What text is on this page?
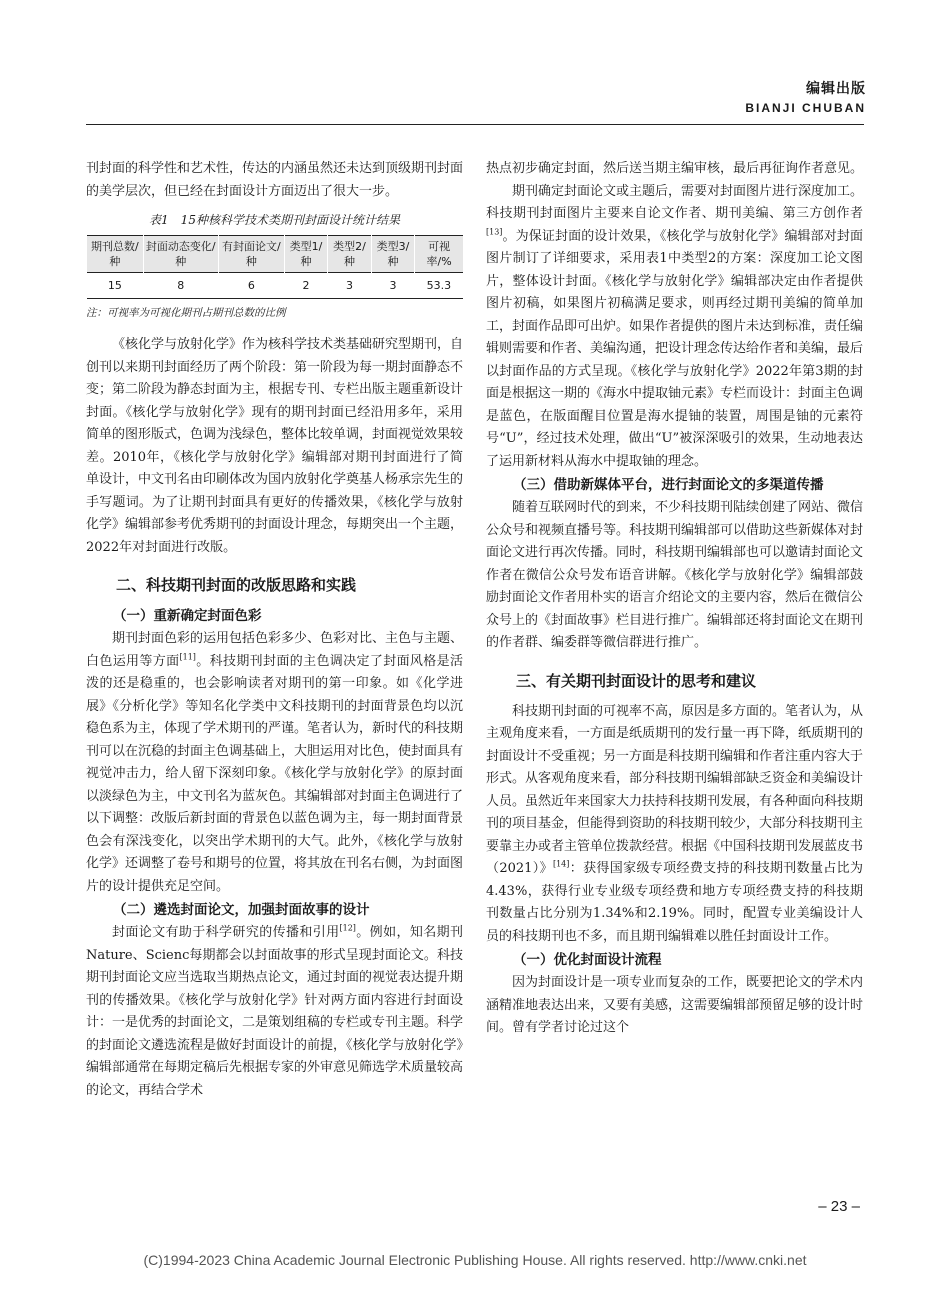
编辑出版
BIANJI CHUBAN

刊封面的科学性和艺术性，传达的内涵虽然还未达到顶级期刊封面的美学层次，但已经在封面设计方面迈出了很大一步。

表1　15种核科学技术类期刊封面设计统计结果
期刊总数/种	封面动态变化/种	有封面论文/种	类型1/种	类型2/种	类型3/种	可视率/%
15	8	6	2	3	3	53.3
注：可视率为可视化期刊占期刊总数的比例

《核化学与放射化学》作为核科学技术类基础研究型期刊，自创刊以来期刊封面经历了两个阶段：第一阶段为每一期封面静态不变；第二阶段为静态封面为主，根据专刊、专栏出版主题重新设计封面。《核化学与放射化学》现有的期刊封面已经沿用多年，采用简单的图形版式，色调为浅绿色，整体比较单调，封面视觉效果较差。2010年，《核化学与放射化学》编辑部对期刊封面进行了简单设计，中文刊名由印刷体改为国内放射化学奠基人杨承宗先生的手写题词。为了让期刊封面具有更好的传播效果，《核化学与放射化学》编辑部参考优秀期刊的封面设计理念，每期突出一个主题，2022年对封面进行改版。

二、科技期刊封面的改版思路和实践
（一）重新确定封面色彩

期刊封面色彩的运用包括色彩多少、色彩对比、主色与主题、白色运用等方面[11]。科技期刊封面的主色调决定了封面风格是活泼的还是稳重的，也会影响读者对期刊的第一印象。如《化学进展》《分析化学》等知名化学类中文科技期刊的封面背景色均以沉稳色系为主，体现了学术期刊的严谨。笔者认为，新时代的科技期刊可以在沉稳的封面主色调基础上，大胆运用对比色，使封面具有视觉冲击力，给人留下深刻印象。《核化学与放射化学》的原封面以淡绿色为主，中文刊名为蓝灰色。其编辑部对封面主色调进行了以下调整：改版后新封面的背景色以蓝色调为主，每一期封面背景色会有深浅变化，以突出学术期刊的大气。此外，《核化学与放射化学》还调整了卷号和期号的位置，将其放在刊名右侧，为封面图片的设计提供充足空间。

（二）遴选封面论文，加强封面故事的设计

封面论文有助于科学研究的传播和引用[12]。例如，知名期刊Nature、Scienc每期都会以封面故事的形式呈现封面论文。科技期刊封面论文应当选取当期热点论文，通过封面的视觉表达提升期刊的传播效果。《核化学与放射化学》针对两方面内容进行封面设计：一是优秀的封面论文，二是策划组稿的专栏或专刊主题。科学的封面论文遴选流程是做好封面设计的前提，《核化学与放射化学》编辑部通常在每期定稿后先根据专家的外审意见筛选学术质量较高的论文，再结合学术

热点初步确定封面，然后送当期主编审核，最后再征询作者意见。

期刊确定封面论文或主题后，需要对封面图片进行深度加工。科技期刊封面图片主要来自论文作者、期刊美编、第三方创作者[13]。为保证封面的设计效果，《核化学与放射化学》编辑部对封面图片制订了详细要求，采用表1中类型2的方案：深度加工论文图片，整体设计封面。《核化学与放射化学》编辑部决定由作者提供图片初稿，如果图片初稿满足要求，则再经过期刊美编的简单加工，封面作品即可出炉。如果作者提供的图片未达到标准，责任编辑则需要和作者、美编沟通，把设计理念传达给作者和美编，最后以封面作品的方式呈现。《核化学与放射化学》2022年第3期的封面是根据这一期的《海水中提取铀元素》专栏而设计：封面主色调是蓝色，在版面醒目位置是海水提铀的装置，周围是铀的元素符号“U”，经过技术处理，做出“U”被深深吸引的效果，生动地表达了运用新材料从海水中提取铀的理念。

（三）借助新媒体平台，进行封面论文的多渠道传播

随着互联网时代的到来，不少科技期刊陆续创建了网站、微信公众号和视频直播号等。科技期刊编辑部可以借助这些新媒体对封面论文进行再次传播。同时，科技期刊编辑部也可以邀请封面论文作者在微信公众号发布语音讲解。《核化学与放射化学》编辑部鼓励封面论文作者用朴实的语言介绍论文的主要内容，然后在微信公众号上的《封面故事》栏目进行推广。编辑部还将封面论文在期刊的作者群、编委群等微信群进行推广。

三、有关期刊封面设计的思考和建议

科技期刊封面的可视率不高，原因是多方面的。笔者认为，从主观角度来看，一方面是纸质期刊的发行量一再下降，纸质期刊的封面设计不受重视；另一方面是科技期刊编辑和作者注重内容大于形式。从客观角度来看，部分科技期刊编辑部缺乏资金和美编设计人员。虽然近年来国家大力扶持科技期刊发展，有各种面向科技期刊的项目基金，但能得到资助的科技期刊较少，大部分科技期刊主要靠主办或者主管单位拨款经营。根据《中国科技期刊发展蓝皮书（2021）》[14]：获得国家级专项经费支持的科技期刊数量占比为4.43%，获得行业专业级专项经费和地方专项经费支持的科技期刊数量占比分别为1.34%和2.19%。同时，配置专业美编设计人员的科技期刊也不多，而且期刊编辑难以胜任封面设计工作。

（一）优化封面设计流程

因为封面设计是一项专业而复杂的工作，既要把论文的学术内涵精准地表达出来，又要有美感，这需要编辑部预留足够的设计时间。曾有学者讨论过这个

– 23 –
(C)1994-2023 China Academic Journal Electronic Publishing House. All rights reserved. http://www.cnki.net
